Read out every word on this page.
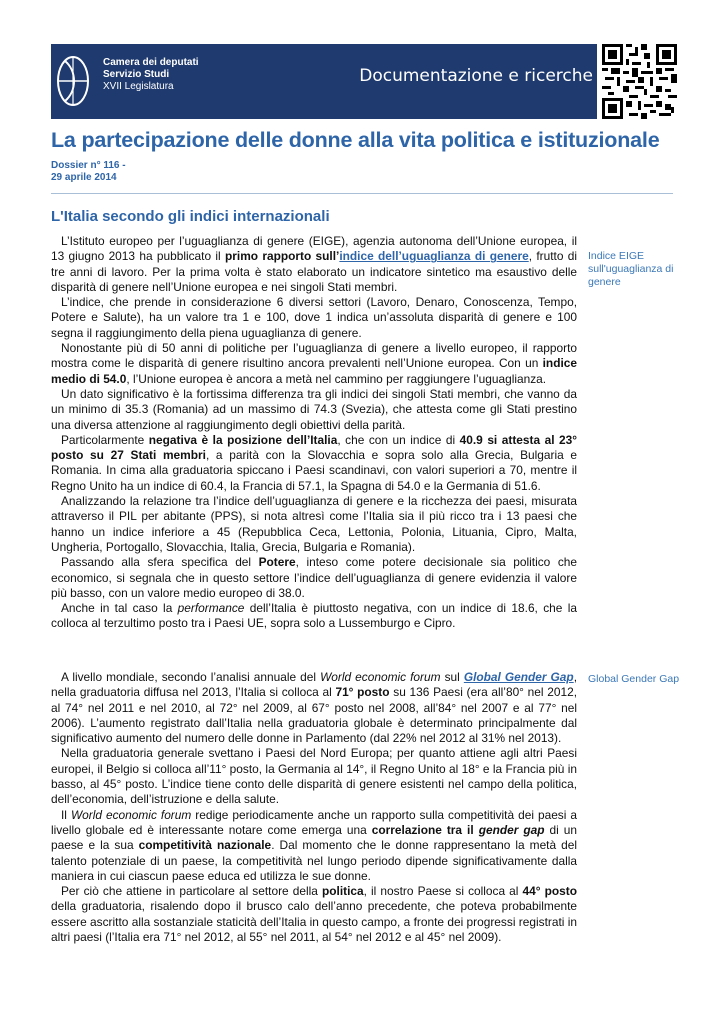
Camera dei deputati
Servizio Studi
XVII Legislatura
Documentazione e ricerche
La partecipazione delle donne alla vita politica e istituzionale
Dossier n° 116 -
29 aprile 2014
L'Italia secondo gli indici internazionali

L’Istituto europeo per l’uguaglianza di genere (EIGE), agenzia autonoma dell’Unione europea, il 13 giugno 2013 ha pubblicato il primo rapporto sull’indice dell’uguaglianza di genere, frutto di tre anni di lavoro. Per la prima volta è stato elaborato un indicatore sintetico ma esaustivo delle disparità di genere nell’Unione europea e nei singoli Stati membri.

L’indice, che prende in considerazione 6 diversi settori (Lavoro, Denaro, Conoscenza, Tempo, Potere e Salute), ha un valore tra 1 e 100, dove 1 indica un’assoluta disparità di genere e 100 segna il raggiungimento della piena uguaglianza di genere.

Nonostante più di 50 anni di politiche per l’uguaglianza di genere a livello europeo, il rapporto mostra come le disparità di genere risultino ancora prevalenti nell’Unione europea. Con un indice medio di 54.0, l’Unione europea è ancora a metà nel cammino per raggiungere l’uguaglianza.

Un dato significativo è la fortissima differenza tra gli indici dei singoli Stati membri, che vanno da un minimo di 35.3 (Romania) ad un massimo di 74.3 (Svezia), che attesta come gli Stati prestino una diversa attenzione al raggiungimento degli obiettivi della parità.

Particolarmente negativa è la posizione dell’Italia, che con un indice di 40.9 si attesta al 23° posto su 27 Stati membri, a parità con la Slovacchia e sopra solo alla Grecia, Bulgaria e Romania. In cima alla graduatoria spiccano i Paesi scandinavi, con valori superiori a 70, mentre il Regno Unito ha un indice di 60.4, la Francia di 57.1, la Spagna di 54.0 e la Germania di 51.6.

Analizzando la relazione tra l’indice dell’uguaglianza di genere e la ricchezza dei paesi, misurata attraverso il PIL per abitante (PPS), si nota altresì come l’Italia sia il più ricco tra i 13 paesi che hanno un indice inferiore a 45 (Repubblica Ceca, Lettonia, Polonia, Lituania, Cipro, Malta, Ungheria, Portogallo, Slovacchia, Italia, Grecia, Bulgaria e Romania).

Passando alla sfera specifica del Potere, inteso come potere decisionale sia politico che economico, si segnala che in questo settore l’indice dell’uguaglianza di genere evidenzia il valore più basso, con un valore medio europeo di 38.0.

Anche in tal caso la performance dell’Italia è piuttosto negativa, con un indice di 18.6, che la colloca al terzultimo posto tra i Paesi UE, sopra solo a Lussemburgo e Cipro.

Indice EIGE sull'uguaglianza di genere

A livello mondiale, secondo l’analisi annuale del World economic forum sul Global Gender Gap, nella graduatoria diffusa nel 2013, l’Italia si colloca al 71° posto su 136 Paesi (era all’80° nel 2012, al 74° nel 2011 e nel 2010, al 72° nel 2009, al 67° posto nel 2008, all’84° nel 2007 e al 77° nel 2006). L’aumento registrato dall’Italia nella graduatoria globale è determinato principalmente dal significativo aumento del numero delle donne in Parlamento (dal 22% nel 2012 al 31% nel 2013).

Nella graduatoria generale svettano i Paesi del Nord Europa; per quanto attiene agli altri Paesi europei, il Belgio si colloca all’11° posto, la Germania al 14°, il Regno Unito al 18° e la Francia più in basso, al 45° posto. L’indice tiene conto delle disparità di genere esistenti nel campo della politica, dell’economia, dell’istruzione e della salute.

Il World economic forum redige periodicamente anche un rapporto sulla competitività dei paesi a livello globale ed è interessante notare come emerga una correlazione tra il gender gap di un paese e la sua competitività nazionale. Dal momento che le donne rappresentano la metà del talento potenziale di un paese, la competitività nel lungo periodo dipende significativamente dalla maniera in cui ciascun paese educa ed utilizza le sue donne.

Per ciò che attiene in particolare al settore della politica, il nostro Paese si colloca al 44° posto della graduatoria, risalendo dopo il brusco calo dell’anno precedente, che poteva probabilmente essere ascritto alla sostanziale staticità dell’Italia in questo campo, a fronte dei progressi registrati in altri paesi (l’Italia era 71° nel 2012, al 55° nel 2011, al 54° nel 2012 e al 45° nel 2009).

Global Gender Gap
